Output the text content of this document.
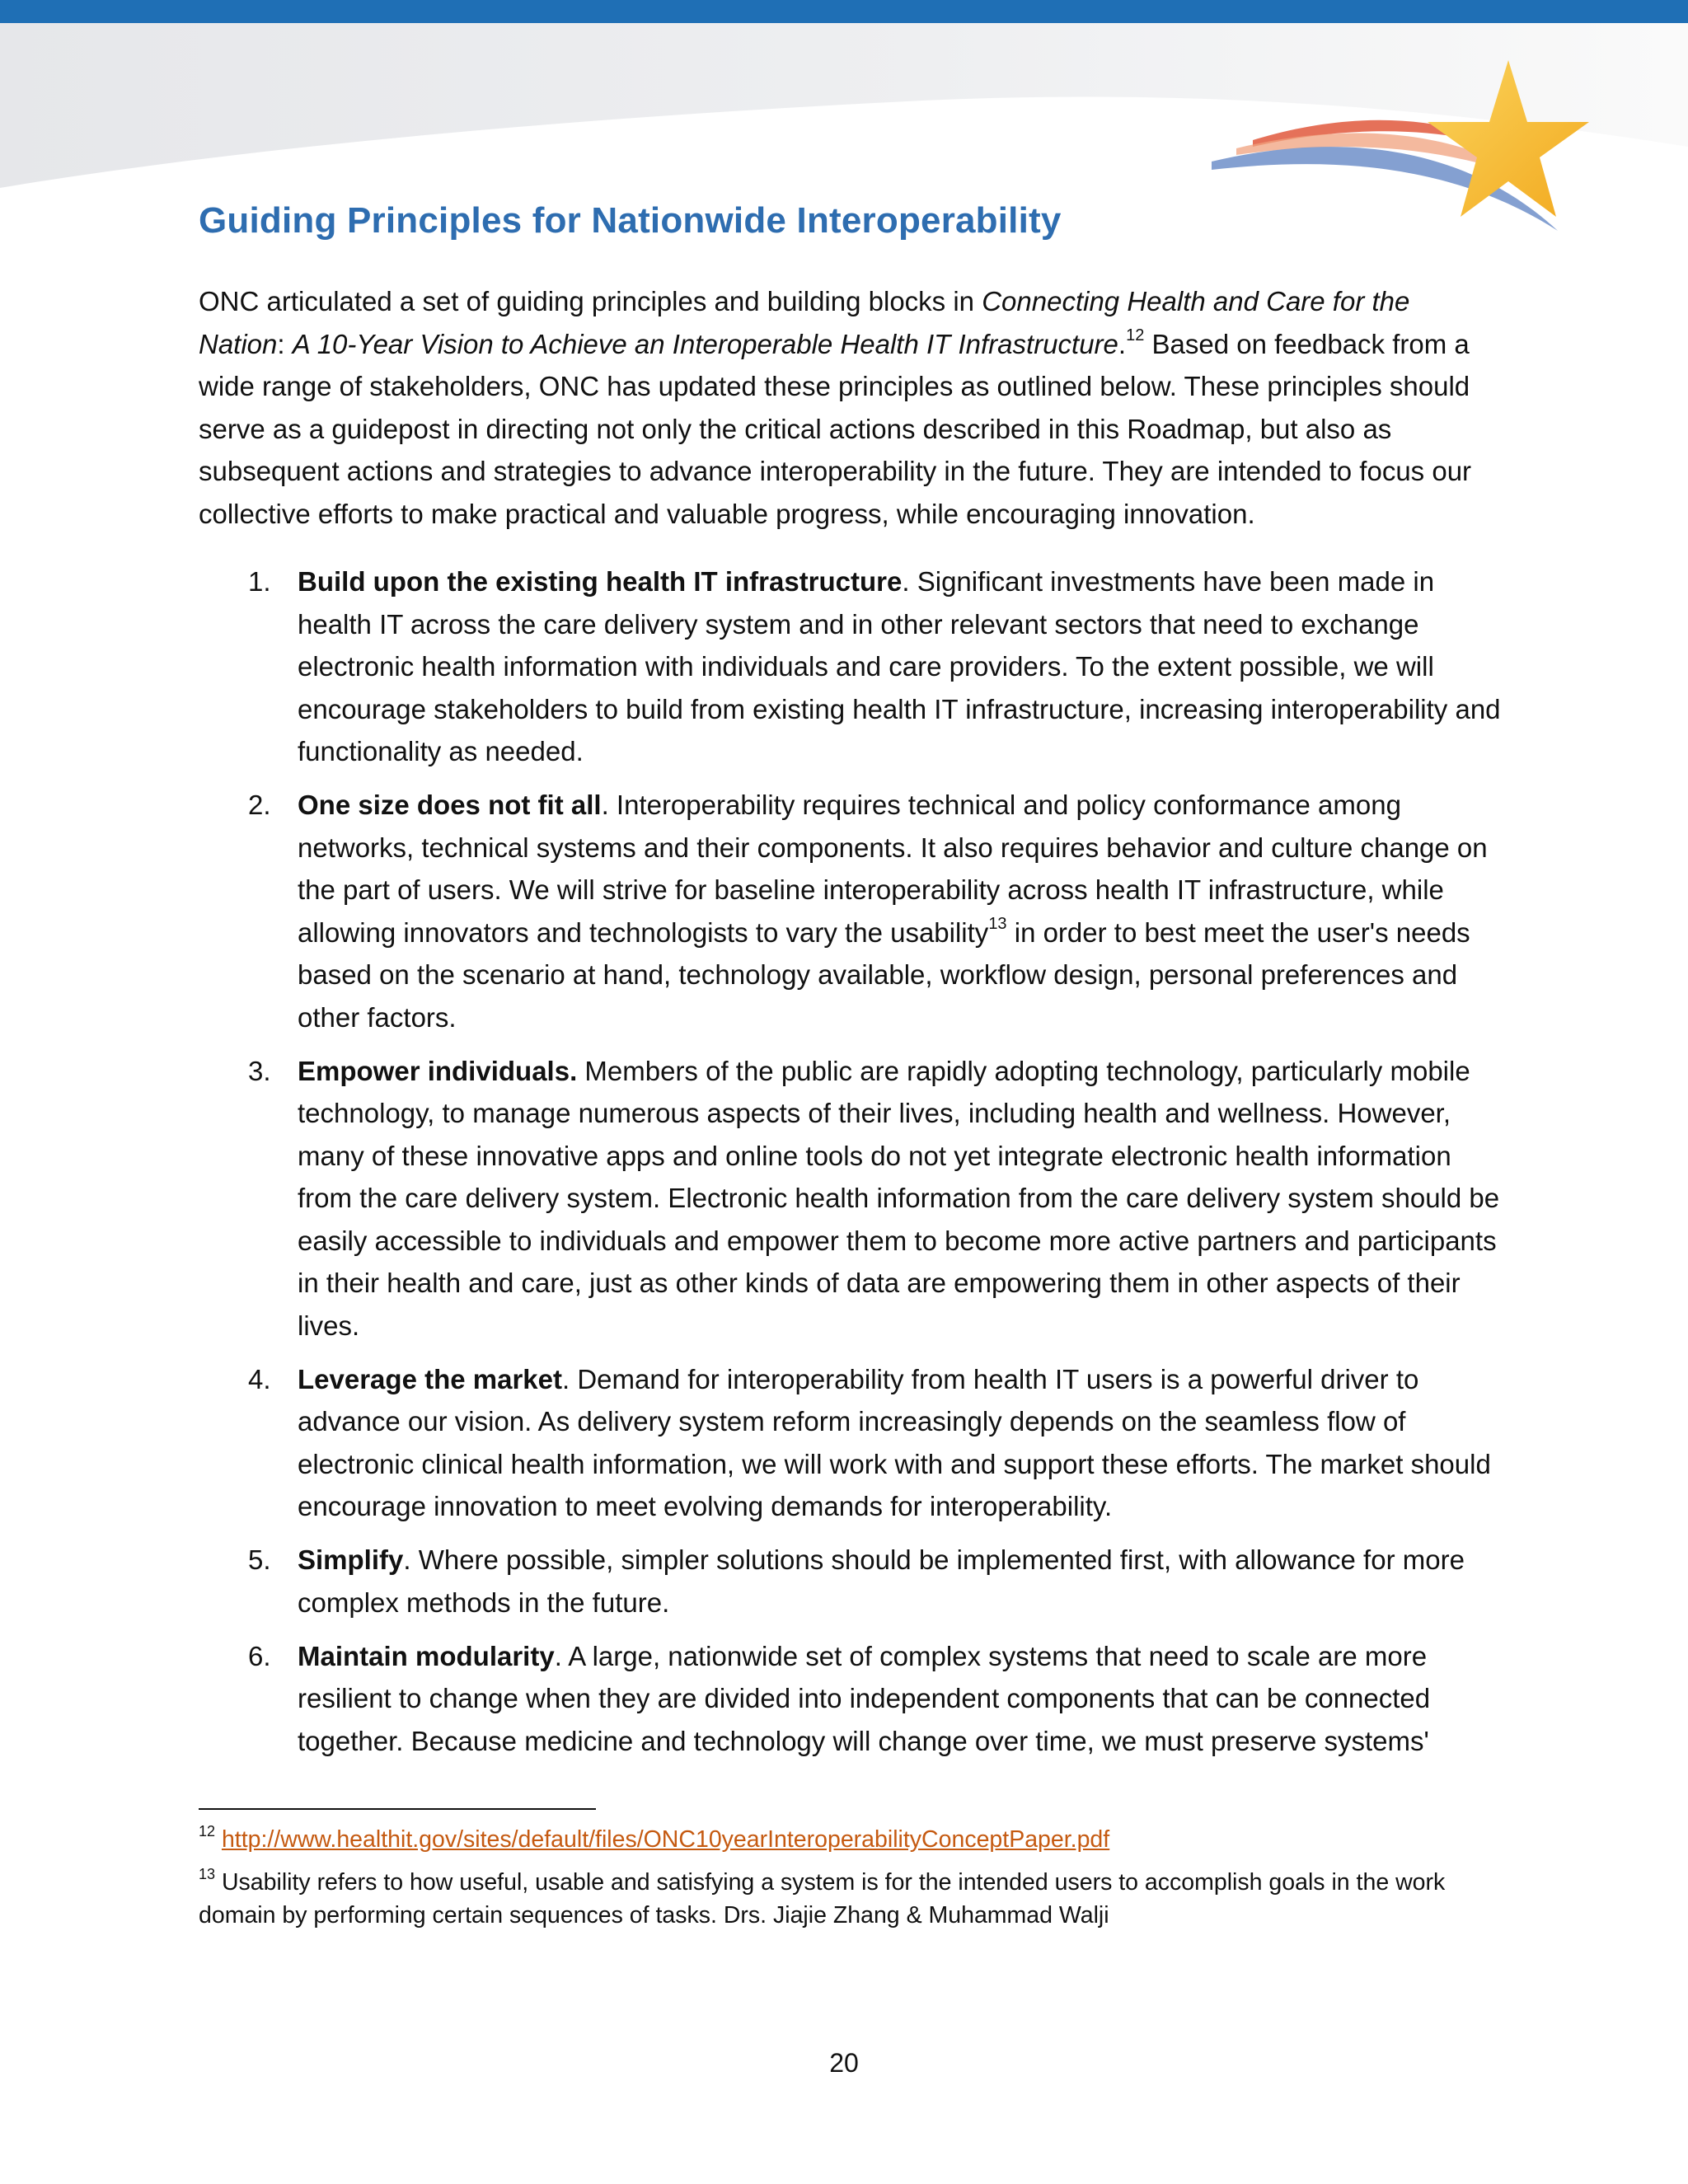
Guiding Principles for Nationwide Interoperability

ONC articulated a set of guiding principles and building blocks in Connecting Health and Care for the Nation: A 10-Year Vision to Achieve an Interoperable Health IT Infrastructure.$^{12}$ Based on feedback from a wide range of stakeholders, ONC has updated these principles as outlined below. These principles should serve as a guidepost in directing not only the critical actions described in this Roadmap, but also as subsequent actions and strategies to advance interoperability in the future. They are intended to focus our collective efforts to make practical and valuable progress, while encouraging innovation.

1. Build upon the existing health IT infrastructure. Significant investments have been made in health IT across the care delivery system and in other relevant sectors that need to exchange electronic health information with individuals and care providers. To the extent possible, we will encourage stakeholders to build from existing health IT infrastructure, increasing interoperability and functionality as needed.
2. One size does not fit all. Interoperability requires technical and policy conformance among networks, technical systems and their components. It also requires behavior and culture change on the part of users. We will strive for baseline interoperability across health IT infrastructure, while allowing innovators and technologists to vary the usability$^{13}$ in order to best meet the user's needs based on the scenario at hand, technology available, workflow design, personal preferences and other factors.
3. Empower individuals. Members of the public are rapidly adopting technology, particularly mobile technology, to manage numerous aspects of their lives, including health and wellness. However, many of these innovative apps and online tools do not yet integrate electronic health information from the care delivery system. Electronic health information from the care delivery system should be easily accessible to individuals and empower them to become more active partners and participants in their health and care, just as other kinds of data are empowering them in other aspects of their lives.
4. Leverage the market. Demand for interoperability from health IT users is a powerful driver to advance our vision. As delivery system reform increasingly depends on the seamless flow of electronic clinical health information, we will work with and support these efforts. The market should encourage innovation to meet evolving demands for interoperability.
5. Simplify. Where possible, simpler solutions should be implemented first, with allowance for more complex methods in the future.
6. Maintain modularity. A large, nationwide set of complex systems that need to scale are more resilient to change when they are divided into independent components that can be connected together. Because medicine and technology will change over time, we must preserve systems'

$^{12}$ http://www.healthit.gov/sites/default/files/ONC10yearInteroperabilityConceptPaper.pdf

$^{13}$ Usability refers to how useful, usable and satisfying a system is for the intended users to accomplish goals in the work domain by performing certain sequences of tasks. Drs. Jiajie Zhang & Muhammad Walji

20
